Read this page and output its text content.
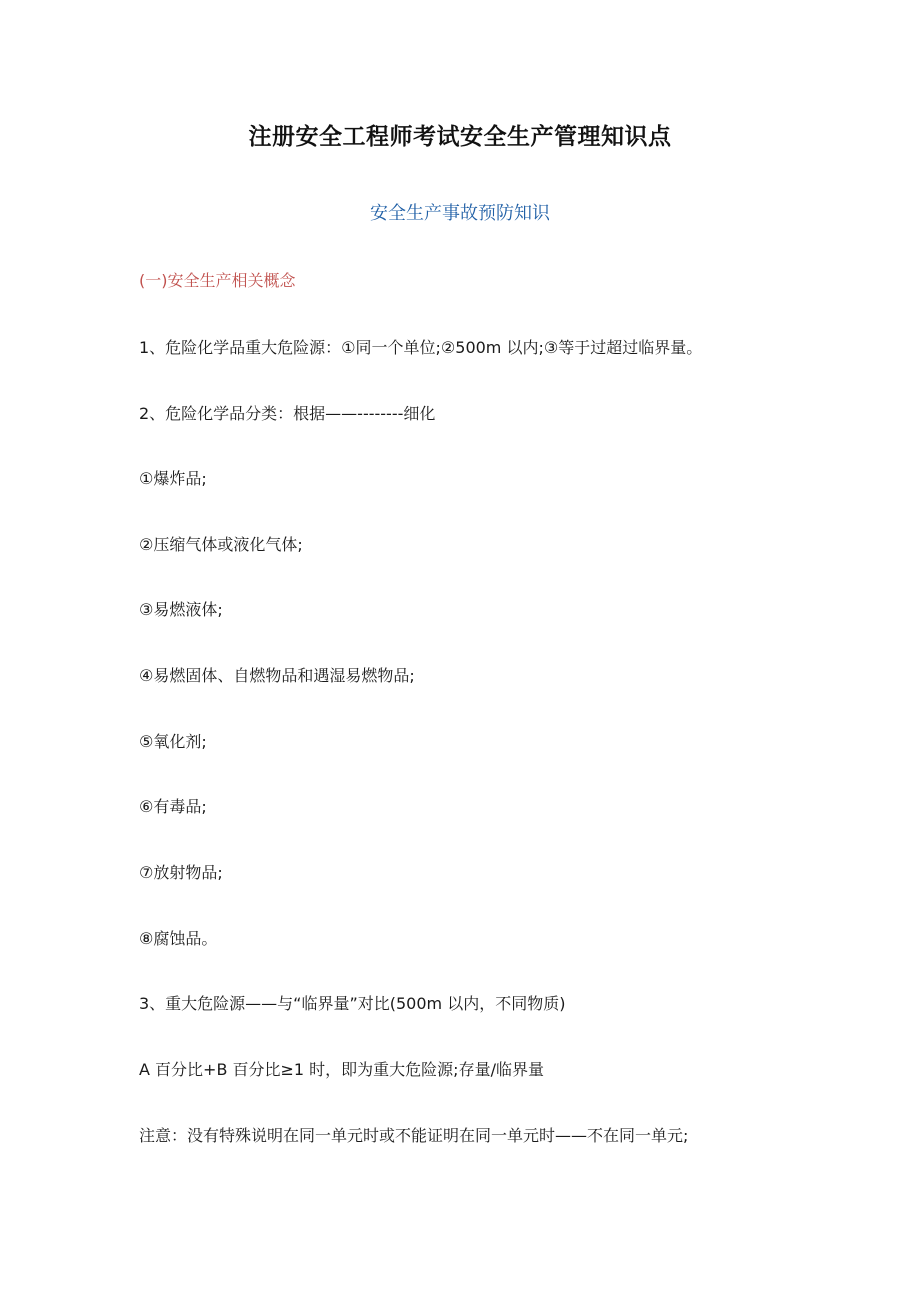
注册安全工程师考试安全生产管理知识点
安全生产事故预防知识
(一)安全生产相关概念
1、危险化学品重大危险源：①同一个单位;②500m 以内;③等于过超过临界量。
2、危险化学品分类：根据——--------细化
①爆炸品;
②压缩气体或液化气体;
③易燃液体;
④易燃固体、自燃物品和遇湿易燃物品;
⑤氧化剂;
⑥有毒品;
⑦放射物品;
⑧腐蚀品。
3、重大危险源——与“临界量”对比(500m 以内，不同物质)
A 百分比+B 百分比≥1 时，即为重大危险源;存量/临界量
注意：没有特殊说明在同一单元时或不能证明在同一单元时——不在同一单元;
